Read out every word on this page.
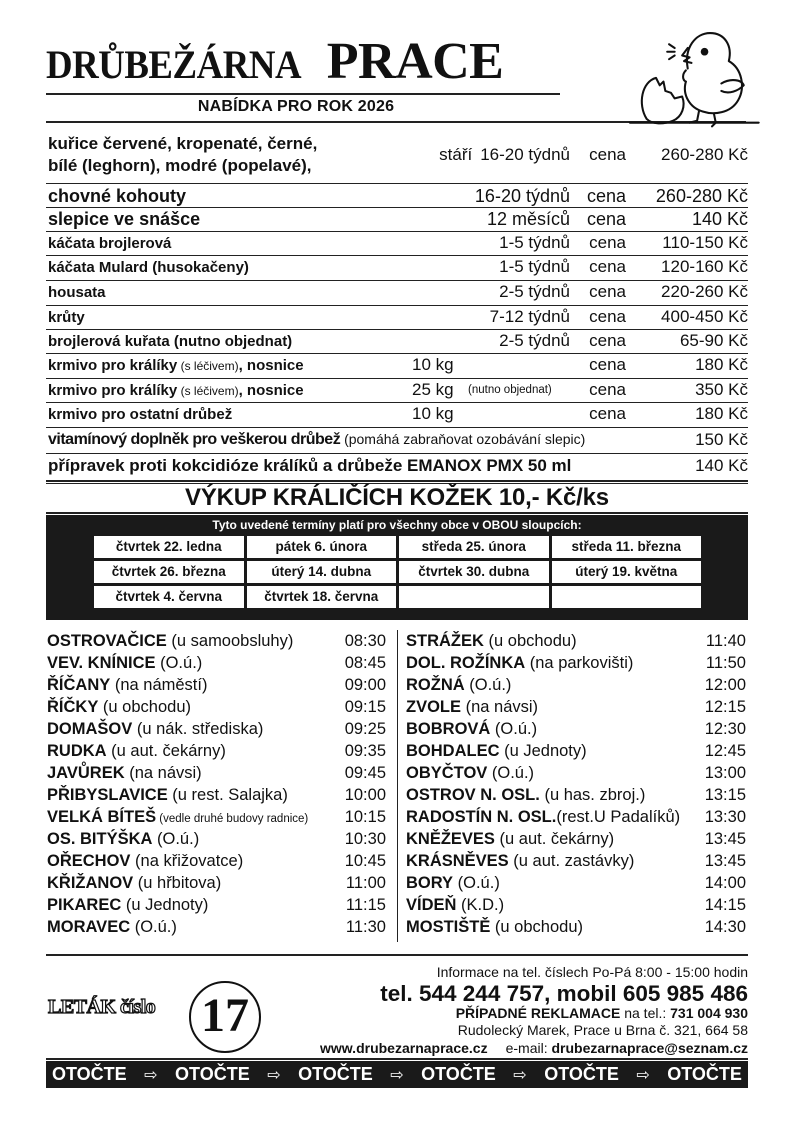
DRŮBEŽÁRNA PRACE
NABÍDKA PRO ROK 2026
kuřice červené, kropenaté, černé,
bílé (leghorn), modré (popelavé),
stáří 16-20 týdnů	cena	260-280 Kč
chovné kohouty	16-20 týdnů cena	260-280 Kč
slepice ve snášce	12 měsíců cena	140 Kč
káčata brojlerová	1-5 týdnů	cena	110-150 Kč
káčata Mulard (husokačeny)	1-5 týdnů	cena	120-160 Kč
housata	2-5 týdnů	cena	220-260 Kč
krůty	7-12 týdnů	cena	400-450 Kč
brojlerová kuřata (nutno objednat)	2-5 týdnů	cena	65-90 Kč
krmivo pro králíky (s léčivem), nosnice	10 kg	cena	180 Kč
krmivo pro králíky (s léčivem), nosnice	25 kg (nutno objednat)	cena	350 Kč
krmivo pro ostatní drůbež	10 kg	cena	180 Kč
vitamínový doplněk pro veškerou drůbež (pomáhá zabraňovat ozobávání slepic)	150 Kč
přípravek proti kokcidióze králíků a drůbeže EMANOX PMX 50 ml	140 Kč
VÝKUP KRÁLIČÍCH KOŽEK 10,- Kč/ks
Tyto uvedené termíny platí pro všechny obce v OBOU sloupcích:
čtvrtek 22. ledna	pátek 6. února	středa 25. února	středa 11. března
čtvrtek 26. března	úterý 14. dubna	čtvrtek 30. dubna	úterý 19. května
čtvrtek 4. června	čtvrtek 18. června
OSTROVAČICE (u samoobsluhy)	08:30
VEV. KNÍNICE (O.ú.)	08:45
ŘÍČANY (na náměstí)	09:00
ŘÍČKY (u obchodu)	09:15
DOMAŠOV (u nák. střediska)	09:25
RUDKA (u aut. čekárny)	09:35
JAVŮREK (na návsi)	09:45
PŘIBYSLAVICE (u rest. Salajka)	10:00
VELKÁ BÍTEŠ (vedle druhé budovy radnice) 10:15
OS. BITÝŠKA (O.ú.)	10:30
OŘECHOV (na křižovatce)	10:45
KŘIŽANOV (u hřbitova)	11:00
PIKAREC (u Jednoty)	11:15
MORAVEC (O.ú.)	11:30
STRÁŽEK (u obchodu)	11:40
DOL. ROŽÍNKA (na parkovišti)	11:50
ROŽNÁ (O.ú.)	12:00
ZVOLE (na návsi)	12:15
BOBROVÁ (O.ú.)	12:30
BOHDALEC (u Jednoty)	12:45
OBYČTOV (O.ú.)	13:00
OSTROV N. OSL. (u has. zbroj.)	13:15
RADOSTÍN N. OSL.(rest.U Padalíků) 13:30
KNĚŽEVES (u aut. čekárny)	13:45
KRÁSNĚVES (u aut. zastávky)	13:45
BORY (O.ú.)	14:00
VÍDEŇ (K.D.)	14:15
MOSTIŠTĚ (u obchodu)	14:30
LETÁK číslo 17
Informace na tel. číslech Po-Pá 8:00 - 15:00 hodin
tel. 544 244 757, mobil 605 985 486
PŘÍPADNÉ REKLAMACE na tel.: 731 004 930
Rudolecký Marek, Prace u Brna č. 321, 664 58
www.drubezarnaprace.cz e-mail: drubezarnaprace@seznam.cz
OTOČTE ⇨ OTOČTE ⇨ OTOČTE ⇨ OTOČTE ⇨ OTOČTE ⇨ OTOČTE
